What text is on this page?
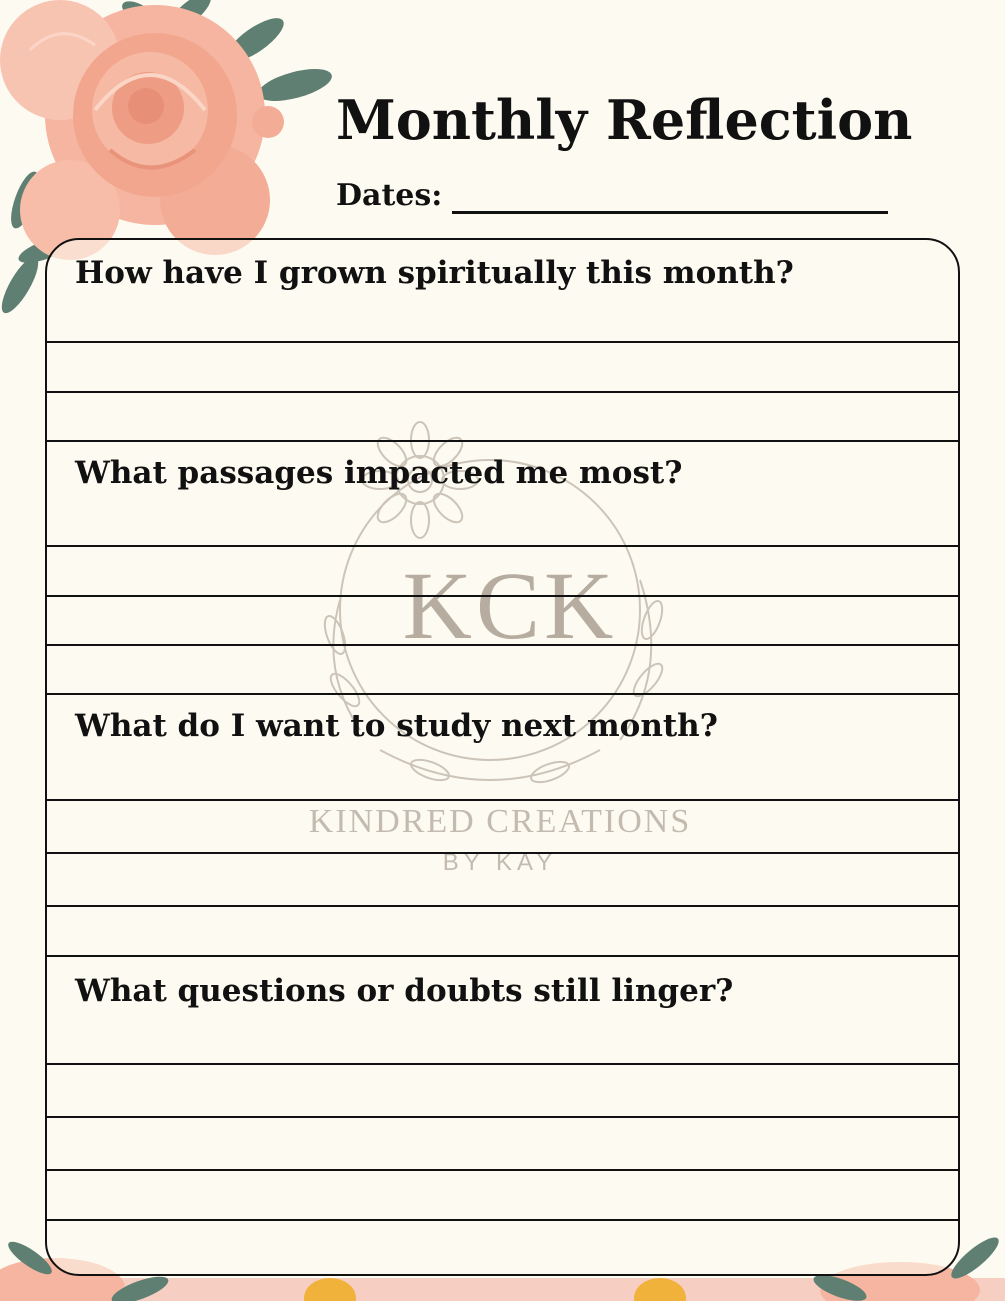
Monthly Reflection
Dates:
KCK
KINDRED CREATIONS
BY KAY
How have I grown spiritually this month?
What passages impacted me most?
What do I want to study next month?
What questions or doubts still linger?
